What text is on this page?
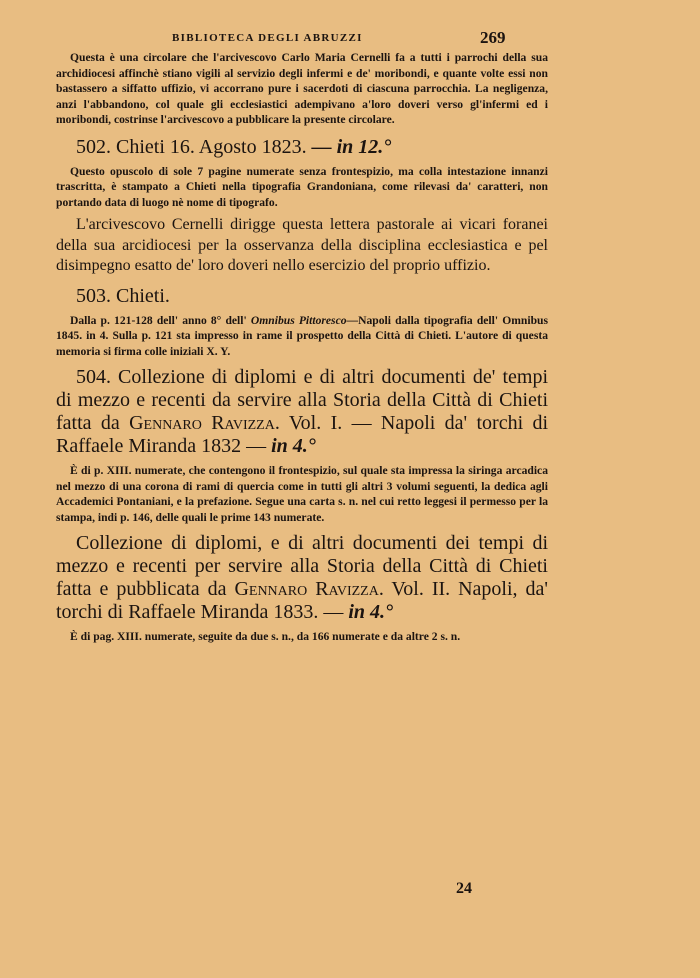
BIBLIOTECA DEGLI ABRUZZI	269

Questa è una circolare che l'arcivescovo Carlo Maria Cernelli fa a tutti i parrochi della sua archidiocesi affinchè stiano vigili al servizio degli infermi e de' moribondi, e quante volte essi non bastassero a siffatto uffizio, vi accorrano pure i sacerdoti di ciascuna parrocchia. La negligenza, anzi l'abbandono, col quale gli ecclesiastici adempivano a'loro doveri verso gl'infermi ed i moribondi, costrinse l'arcivescovo a pubblicare la presente circolare.

502. Chieti 16. Agosto 1823. — in 12.°

Questo opuscolo di sole 7 pagine numerate senza frontespizio, ma colla intestazione innanzi trascritta, è stampato a Chieti nella tipografia Grandoniana, come rilevasi da' caratteri, non portando data di luogo nè nome di tipografo.

L'arcivescovo Cernelli dirigge questa lettera pastorale ai vicari foranei della sua arcidiocesi per la osservanza della disciplina ecclesiastica e pel disimpegno esatto de' loro doveri nello esercizio del proprio uffizio.

503. Chieti.

Dalla p. 121-128 dell' anno 8° dell' Omnibus Pittoresco—Napoli dalla tipografia dell' Omnibus 1845. in 4. Sulla p. 121 sta impresso in rame il prospetto della Città di Chieti. L'autore di questa memoria si firma colle iniziali X. Y.

504. Collezione di diplomi e di altri documenti de' tempi di mezzo e recenti da servire alla Storia della Città di Chieti fatta da Gennaro Ravizza. Vol. I. — Napoli da' torchi di Raffaele Miranda 1832 — in 4.°

È di p. XIII. numerate, che contengono il frontespizio, sul quale sta impressa la siringa arcadica nel mezzo di una corona di rami di quercia come in tutti gli altri 3 volumi seguenti, la dedica agli Accademici Pontaniani, e la prefazione. Segue una carta s. n. nel cui retto leggesi il permesso per la stampa, indi p. 146, delle quali le prime 143 numerate.

Collezione di diplomi, e di altri documenti dei tempi di mezzo e recenti per servire alla Storia della Città di Chieti fatta e pubblicata da Gennaro Ravizza. Vol. II. Napoli, da' torchi di Raffaele Miranda 1833. — in 4.°

È di pag. XIII. numerate, seguite da due s. n., da 166 numerate e da altre 2 s. n.

24
